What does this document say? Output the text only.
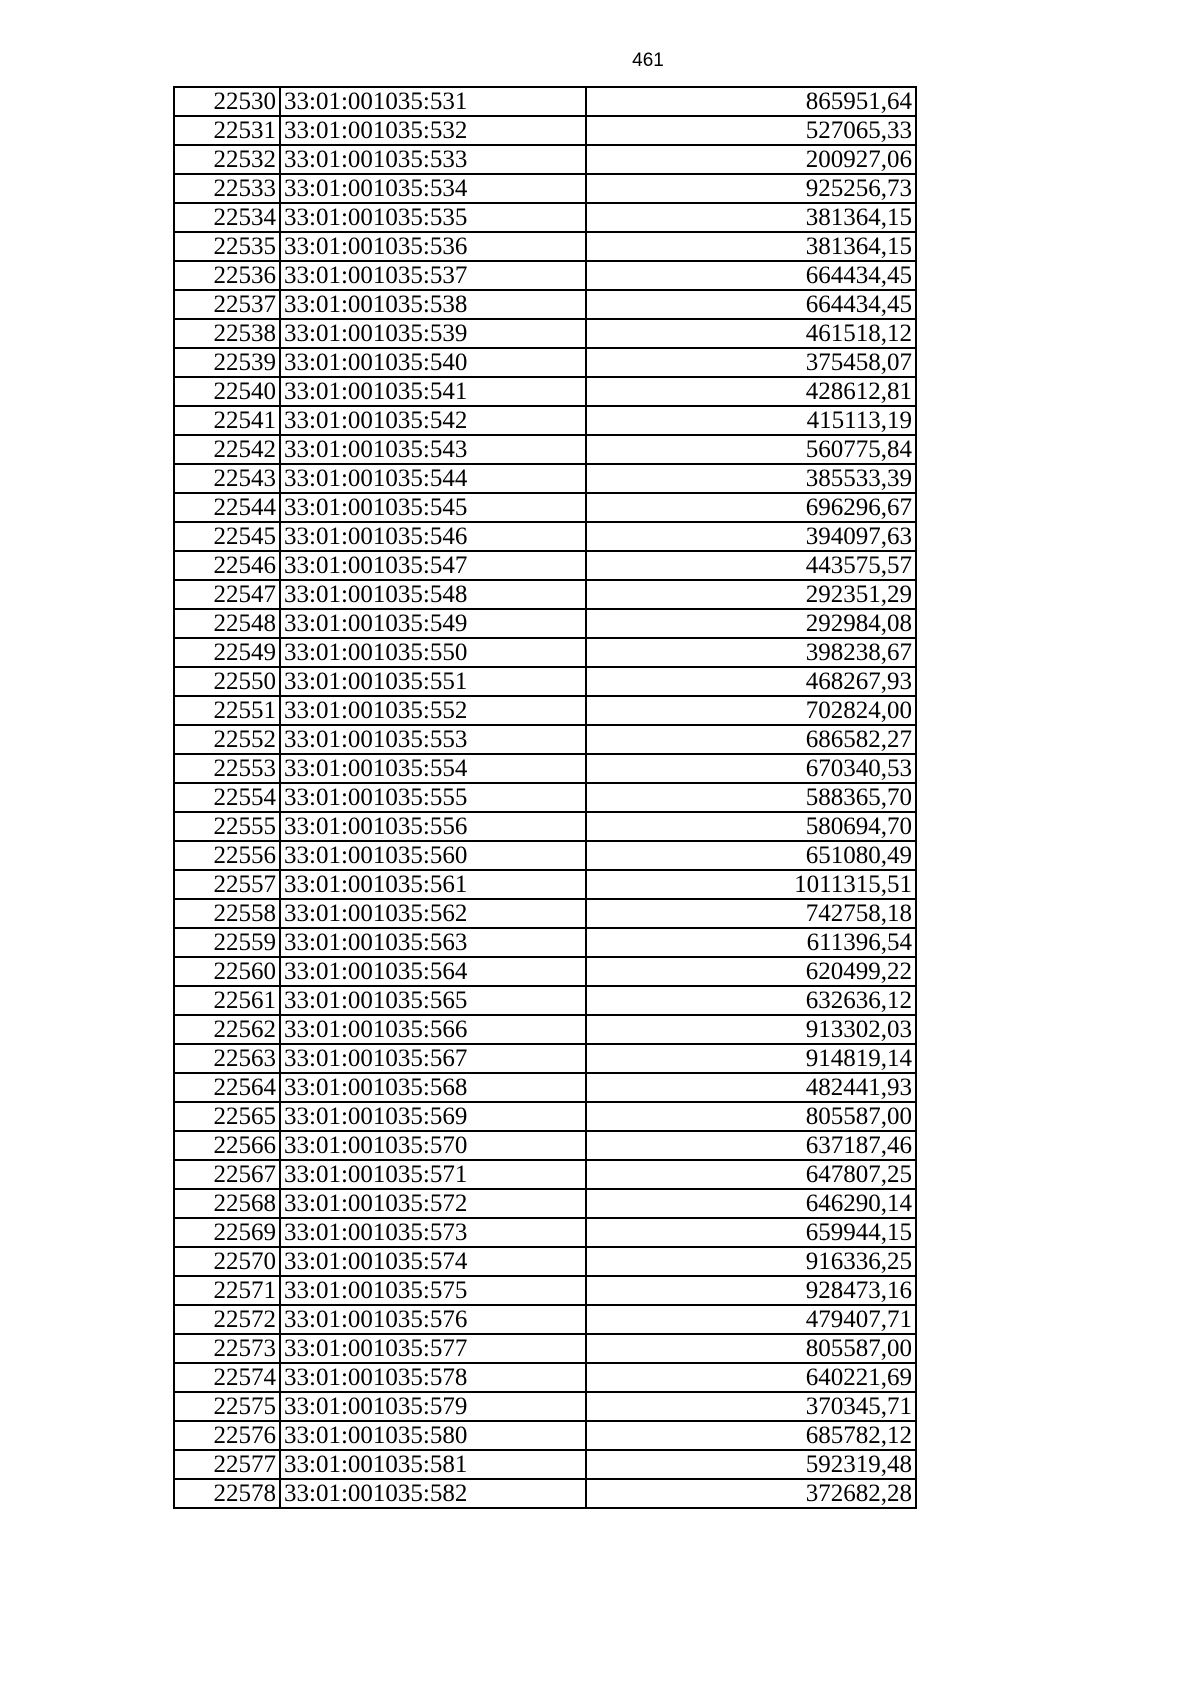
461
22530	33:01:001035:531	865951,64
22531	33:01:001035:532	527065,33
22532	33:01:001035:533	200927,06
22533	33:01:001035:534	925256,73
22534	33:01:001035:535	381364,15
22535	33:01:001035:536	381364,15
22536	33:01:001035:537	664434,45
22537	33:01:001035:538	664434,45
22538	33:01:001035:539	461518,12
22539	33:01:001035:540	375458,07
22540	33:01:001035:541	428612,81
22541	33:01:001035:542	415113,19
22542	33:01:001035:543	560775,84
22543	33:01:001035:544	385533,39
22544	33:01:001035:545	696296,67
22545	33:01:001035:546	394097,63
22546	33:01:001035:547	443575,57
22547	33:01:001035:548	292351,29
22548	33:01:001035:549	292984,08
22549	33:01:001035:550	398238,67
22550	33:01:001035:551	468267,93
22551	33:01:001035:552	702824,00
22552	33:01:001035:553	686582,27
22553	33:01:001035:554	670340,53
22554	33:01:001035:555	588365,70
22555	33:01:001035:556	580694,70
22556	33:01:001035:560	651080,49
22557	33:01:001035:561	1011315,51
22558	33:01:001035:562	742758,18
22559	33:01:001035:563	611396,54
22560	33:01:001035:564	620499,22
22561	33:01:001035:565	632636,12
22562	33:01:001035:566	913302,03
22563	33:01:001035:567	914819,14
22564	33:01:001035:568	482441,93
22565	33:01:001035:569	805587,00
22566	33:01:001035:570	637187,46
22567	33:01:001035:571	647807,25
22568	33:01:001035:572	646290,14
22569	33:01:001035:573	659944,15
22570	33:01:001035:574	916336,25
22571	33:01:001035:575	928473,16
22572	33:01:001035:576	479407,71
22573	33:01:001035:577	805587,00
22574	33:01:001035:578	640221,69
22575	33:01:001035:579	370345,71
22576	33:01:001035:580	685782,12
22577	33:01:001035:581	592319,48
22578	33:01:001035:582	372682,28
